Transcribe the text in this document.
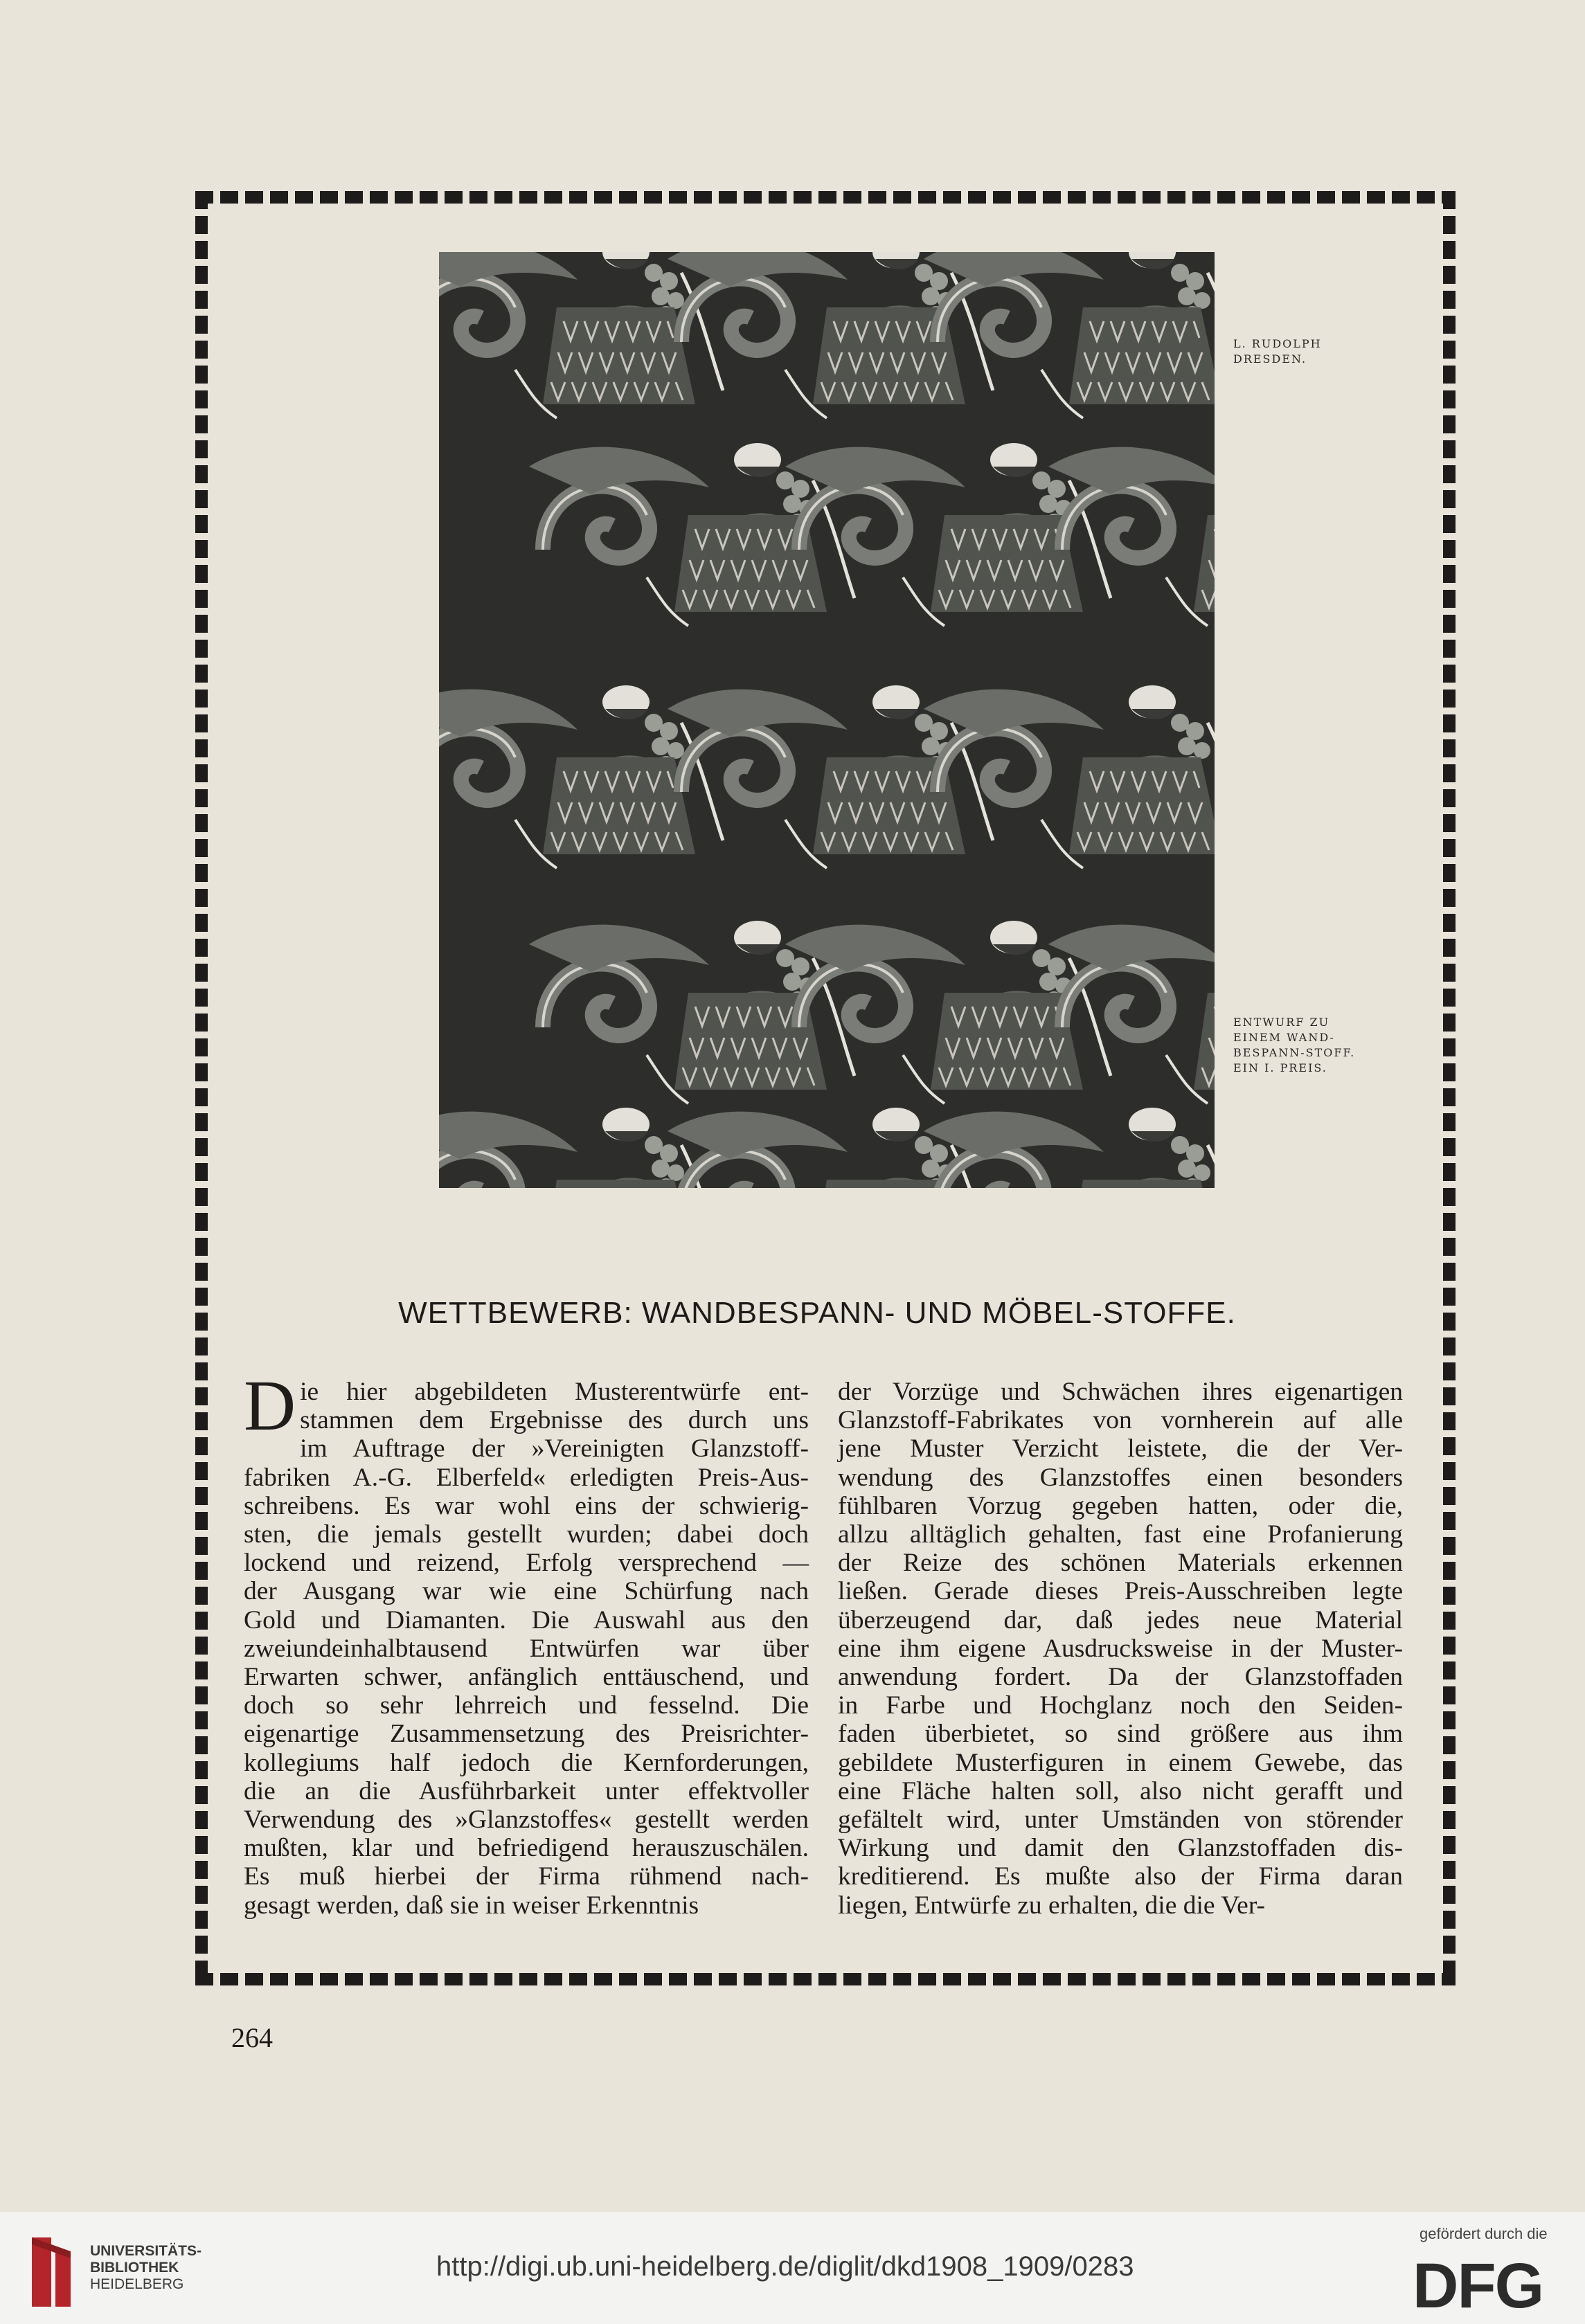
L. RUDOLPH
DRESDEN.
ENTWURF ZU
EINEM WAND-
BESPANN-STOFF.
EIN I. PREIS.
WETTBEWERB: WANDBESPANN- UND MÖBEL-STOFFE.
D ie hier abgebildeten Musterentwürfe ent-
stammen dem Ergebnisse des durch uns
im Auftrage der »Vereinigten Glanzstoff-
fabriken A.-G. Elberfeld« erledigten Preis-Aus-
schreibens. Es war wohl eins der schwierig-
sten, die jemals gestellt wurden; dabei doch
lockend und reizend, Erfolg versprechend —
der Ausgang war wie eine Schürfung nach
Gold und Diamanten. Die Auswahl aus den
zweiundeinhalbtausend Entwürfen war über
Erwarten schwer, anfänglich enttäuschend, und
doch so sehr lehrreich und fesselnd. Die
eigenartige Zusammensetzung des Preisrichter-
kollegiums half jedoch die Kernforderungen,
die an die Ausführbarkeit unter effektvoller
Verwendung des »Glanzstoffes« gestellt werden
mußten, klar und befriedigend herauszuschälen.
Es muß hierbei der Firma rühmend nach-
gesagt werden, daß sie in weiser Erkenntnis
der Vorzüge und Schwächen ihres eigenartigen
Glanzstoff-Fabrikates von vornherein auf alle
jene Muster Verzicht leistete, die der Ver-
wendung des Glanzstoffes einen besonders
fühlbaren Vorzug gegeben hatten, oder die,
allzu alltäglich gehalten, fast eine Profanierung
der Reize des schönen Materials erkennen
ließen. Gerade dieses Preis-Ausschreiben legte
überzeugend dar, daß jedes neue Material
eine ihm eigene Ausdrucksweise in der Muster-
anwendung fordert. Da der Glanzstoffaden
in Farbe und Hochglanz noch den Seiden-
faden überbietet, so sind größere aus ihm
gebildete Musterfiguren in einem Gewebe, das
eine Fläche halten soll, also nicht gerafft und
gefältelt wird, unter Umständen von störender
Wirkung und damit den Glanzstoffaden dis-
kreditierend. Es mußte also der Firma daran
liegen, Entwürfe zu erhalten, die die Ver-
264
UNIVERSITÄTS-
BIBLIOTHEK
HEIDELBERG
http://digi.ub.uni-heidelberg.de/diglit/dkd1908_1909/0283
gefördert durch die
DFG
